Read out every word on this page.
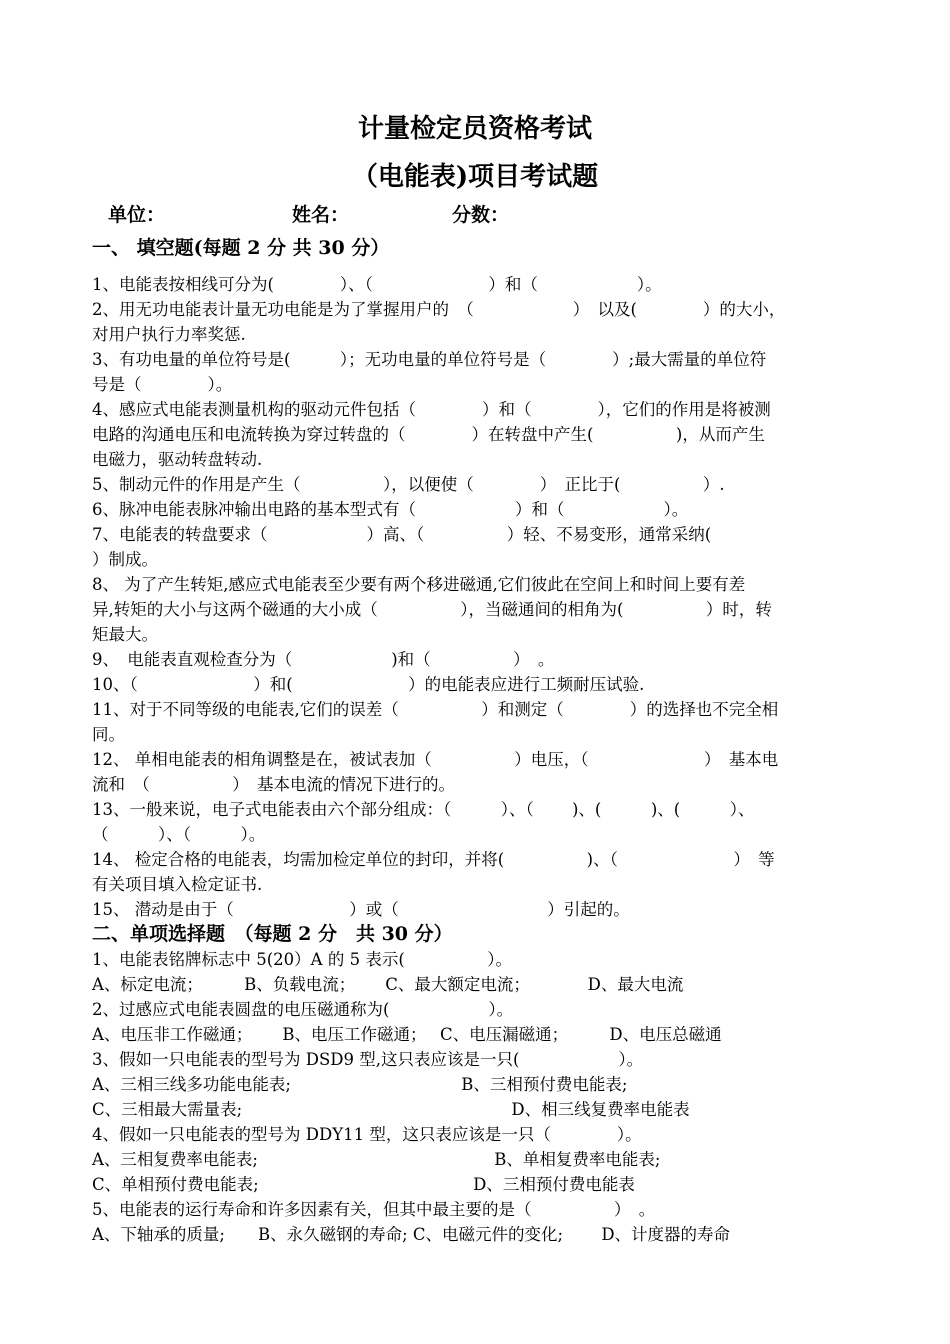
计量检定员资格考试
（电能表)项目考试题
单位：	姓名：	分数：
一、 填空题(每题 2 分 共 30 分）
1、电能表按相线可分为(　　　　）、（　　　　　　　）和（　　　　　　）。
2、用无功电能表计量无功电能是为了掌握用户的　（　　　　　　）　以及(　　　　）的大小，
对用户执行力率奖惩.
3、有功电量的单位符号是(　　　）；无功电量的单位符号是（　　　　）;最大需量的单位符
号是（　　　　）。
4、感应式电能表测量机构的驱动元件包括（　　　　）和（　　　　），它们的作用是将被测
电路的沟通电压和电流转换为穿过转盘的（　　　　）在转盘中产生(　　　　　)，从而产生
电磁力，驱动转盘转动.
5、制动元件的作用是产生（　　　　　），以便使（　　　　）　正比于(　　　　　）.
6、脉冲电能表脉冲输出电路的基本型式有（　　　　　　）和（　　　　　　）。
7、电能表的转盘要求（　　　　　　）高、（　　　　　）轻、不易变形，通常采纳(
）制成。
8、 为了产生转矩,感应式电能表至少要有两个移进磁通,它们彼此在空间上和时间上要有差
异,转矩的大小与这两个磁通的大小成（　　　　　），当磁通间的相角为(　　　　　）时，转
矩最大。
9、　电能表直观检查分为（　　　　　　)和（　　　　　）　。
10、（　　　　　　　）和(　　　　　　　）的电能表应进行工频耐压试验.
11、对于不同等级的电能表,它们的误差（　　　　　）和测定（　　　　）的选择也不完全相
同。
12、 单相电能表的相角调整是在，被试表加（　　　　　）电压，（　　　　　　　）　基本电
流和　（　　　　　）　基本电流的情况下进行的。
13、一般来说，电子式电能表由六个部分组成：（　　　）、（　　 )、(　　　)、(　　　）、
（　　　）、（　　　）。
14、 检定合格的电能表，均需加检定单位的封印，并将(　　　　　)、（　　　　　　　）　等
有关项目填入检定证书.
15、 潜动是由于（　　　　　　　）或（　　　　　　　　　）引起的。
二、单项选择题　（每题 2 分　共 30 分）
1、电能表铭牌标志中 5(20）A 的 5 表示(　　　　　）。
A、标定电流；　　　B、负载电流；　　 C、最大额定电流；　　　　D、最大电流
2、过感应式电能表圆盘的电压磁通称为(　　　　　　）。
A、电压非工作磁通；　　 B、电压工作磁通；　 C、电压漏磁通；　　　D、电压总磁通
3、假如一只电能表的型号为 DSD9 型,这只表应该是一只(　　　　　　）。
A、三相三线多功能电能表;　　　　　　　　　　 B、三相预付费电能表;
C、三相最大需量表;　　　　　　　　　　　　　　　　 D、相三线复费率电能表
4、假如一只电能表的型号为 DDY11 型，这只表应该是一只（　　　　）。
A、三相复费率电能表;　　　　　　　　　　　　　　 B、单相复费率电能表;
C、单相预付费电能表;　　　　　　　　　　　　　D、三相预付费电能表
5、电能表的运行寿命和许多因素有关，但其中最主要的是（　　　　　）　。
A、下轴承的质量;　　B、永久磁钢的寿命; C、电磁元件的变化;　　 D、计度器的寿命
